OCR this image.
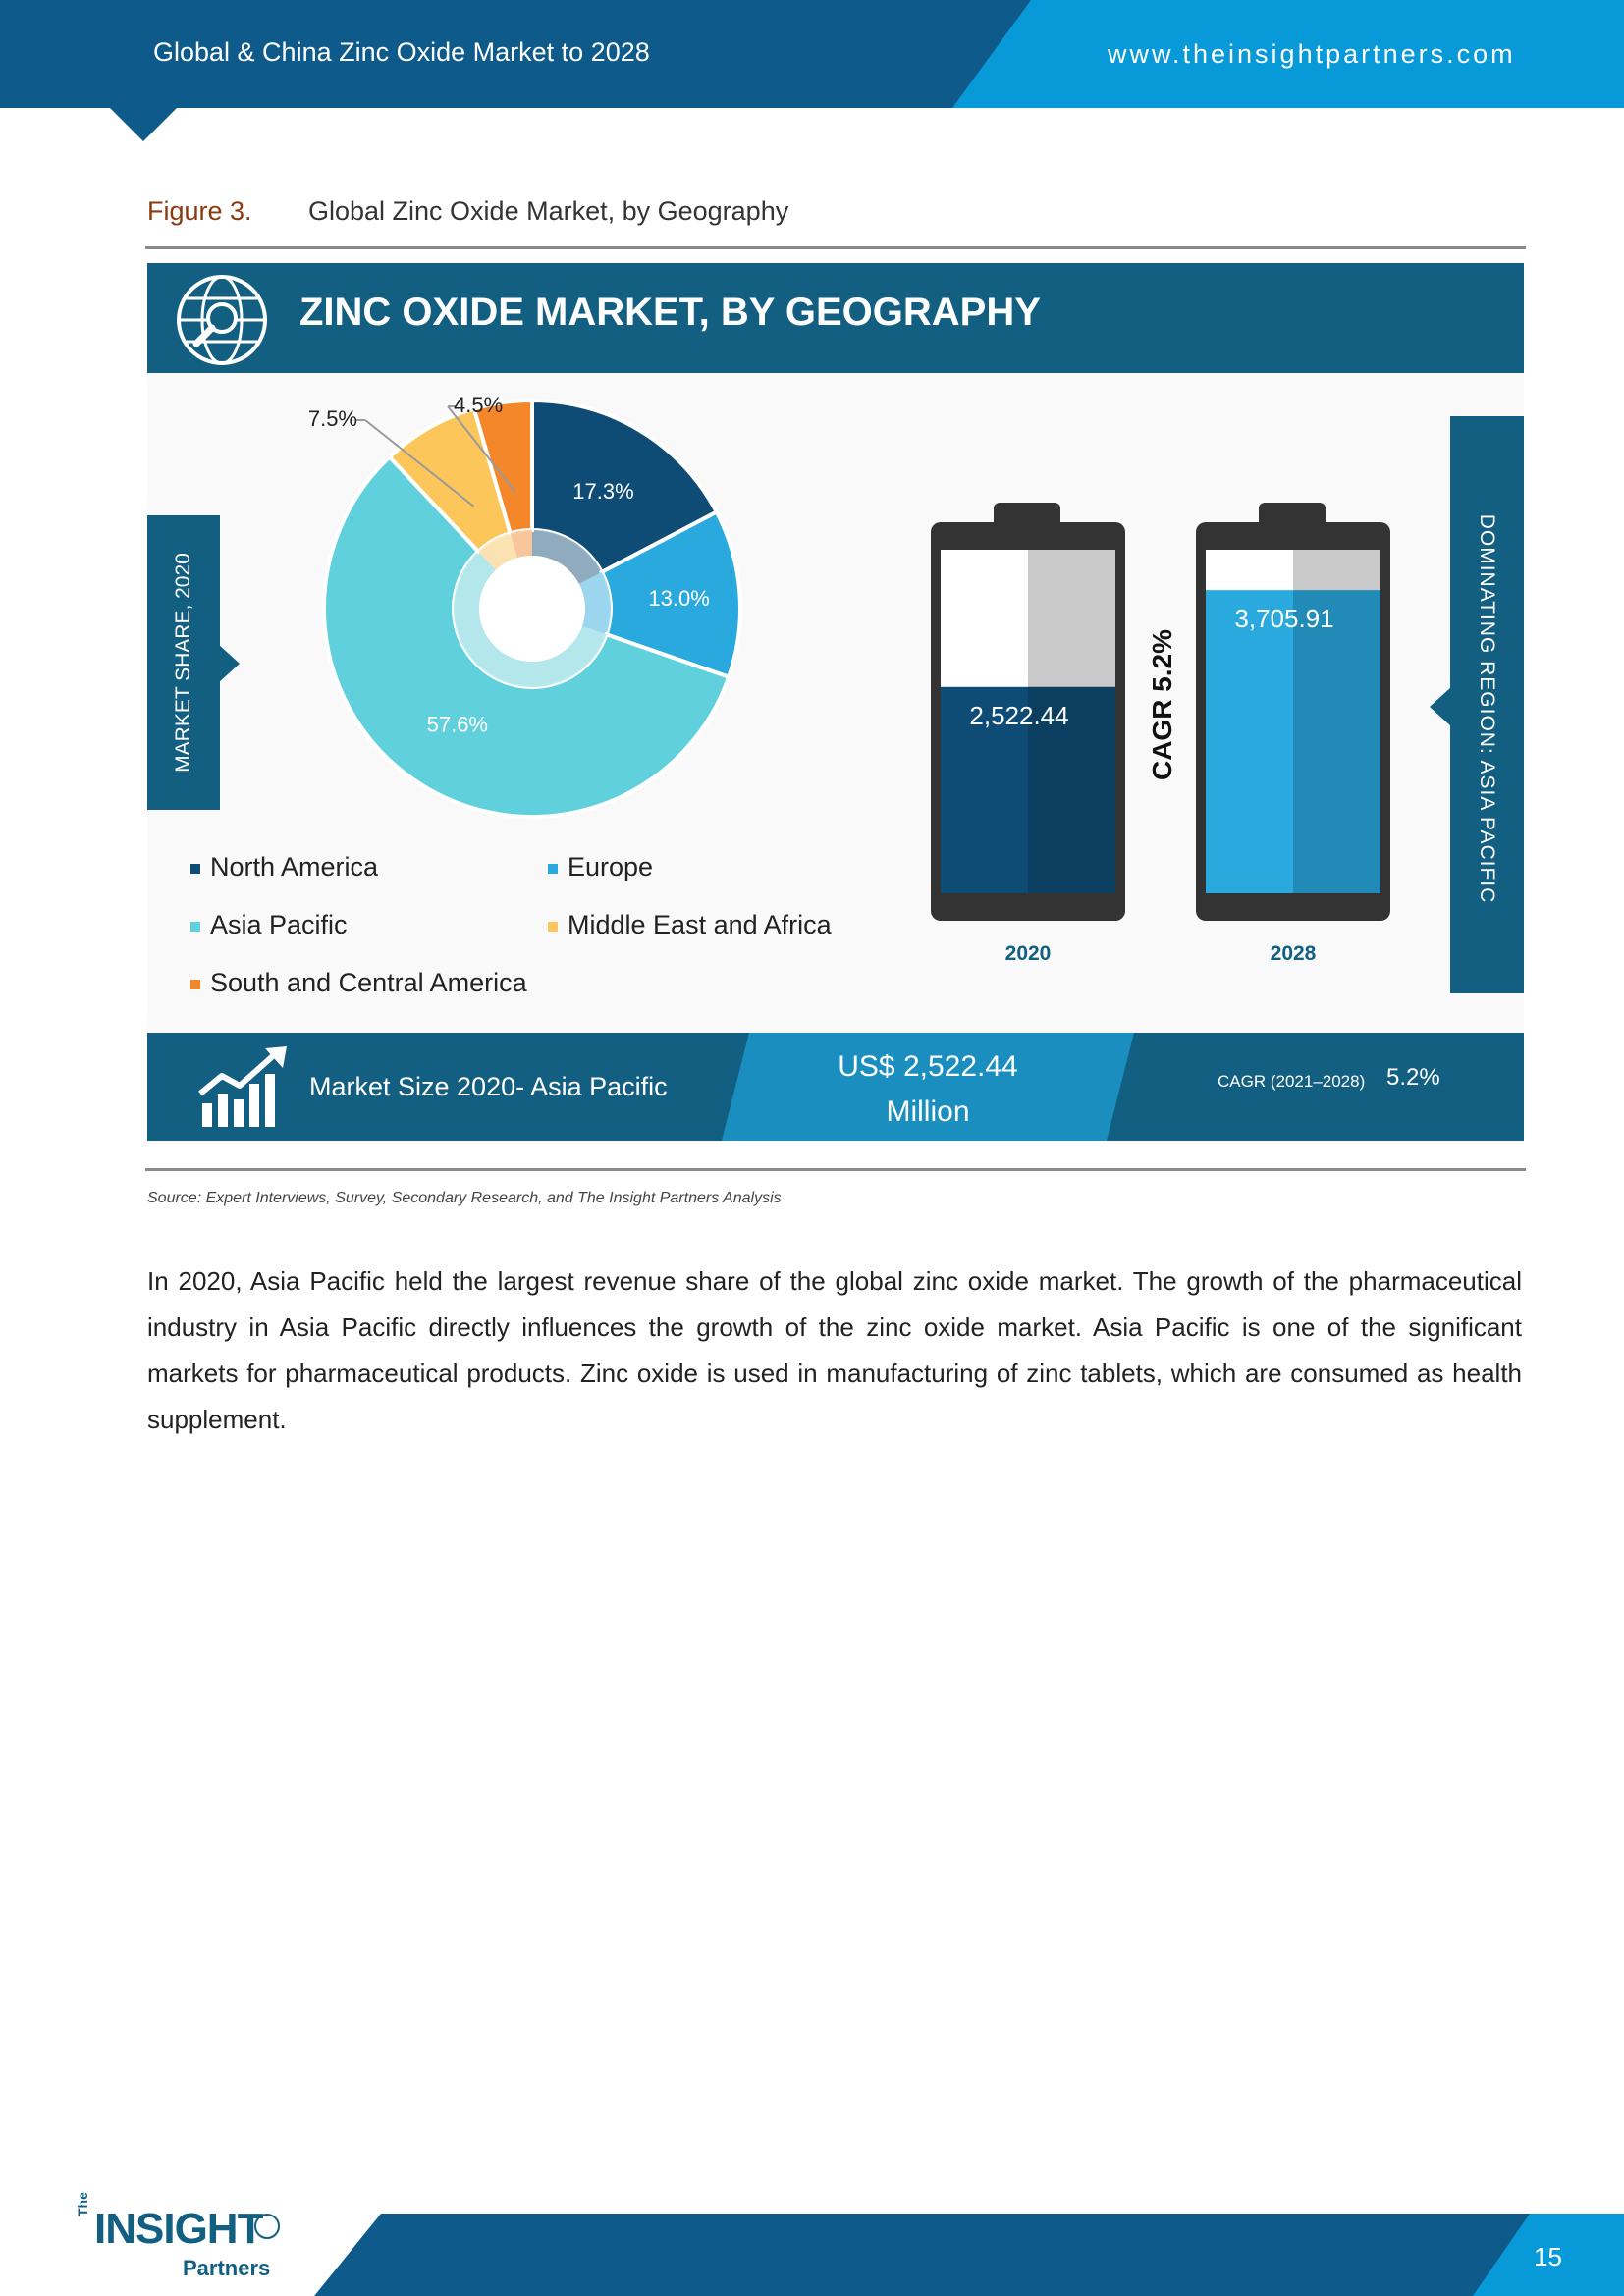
Global & China Zinc Oxide Market to 2028	www.theinsightpartners.com
Figure 3. Global Zinc Oxide Market, by Geography
ZINC OXIDE MARKET, BY GEOGRAPHY
MARKET SHARE, 2020	DOMINATING REGION: ASIA PACIFIC
17.3%
13.0%
57.6%
7.5%
4.5%
North America	Europe
Asia Pacific	Middle East and Africa
South and Central America
2,522.44
2020
3,705.91
2028
CAGR 5.2%
Market Size 2020- Asia Pacific
US$ 2,522.44
Million
CAGR (2021–2028) 5.2%
Source: Expert Interviews, Survey, Secondary Research, and The Insight Partners Analysis
In 2020, Asia Pacific held the largest revenue share of the global zinc oxide market. The growth of the pharmaceutical industry in Asia Pacific directly influences the growth of the zinc oxide market. Asia Pacific is one of the significant markets for pharmaceutical products. Zinc oxide is used in manufacturing of zinc tablets, which are consumed as health supplement.
15
The
INSIGHT
Partners
